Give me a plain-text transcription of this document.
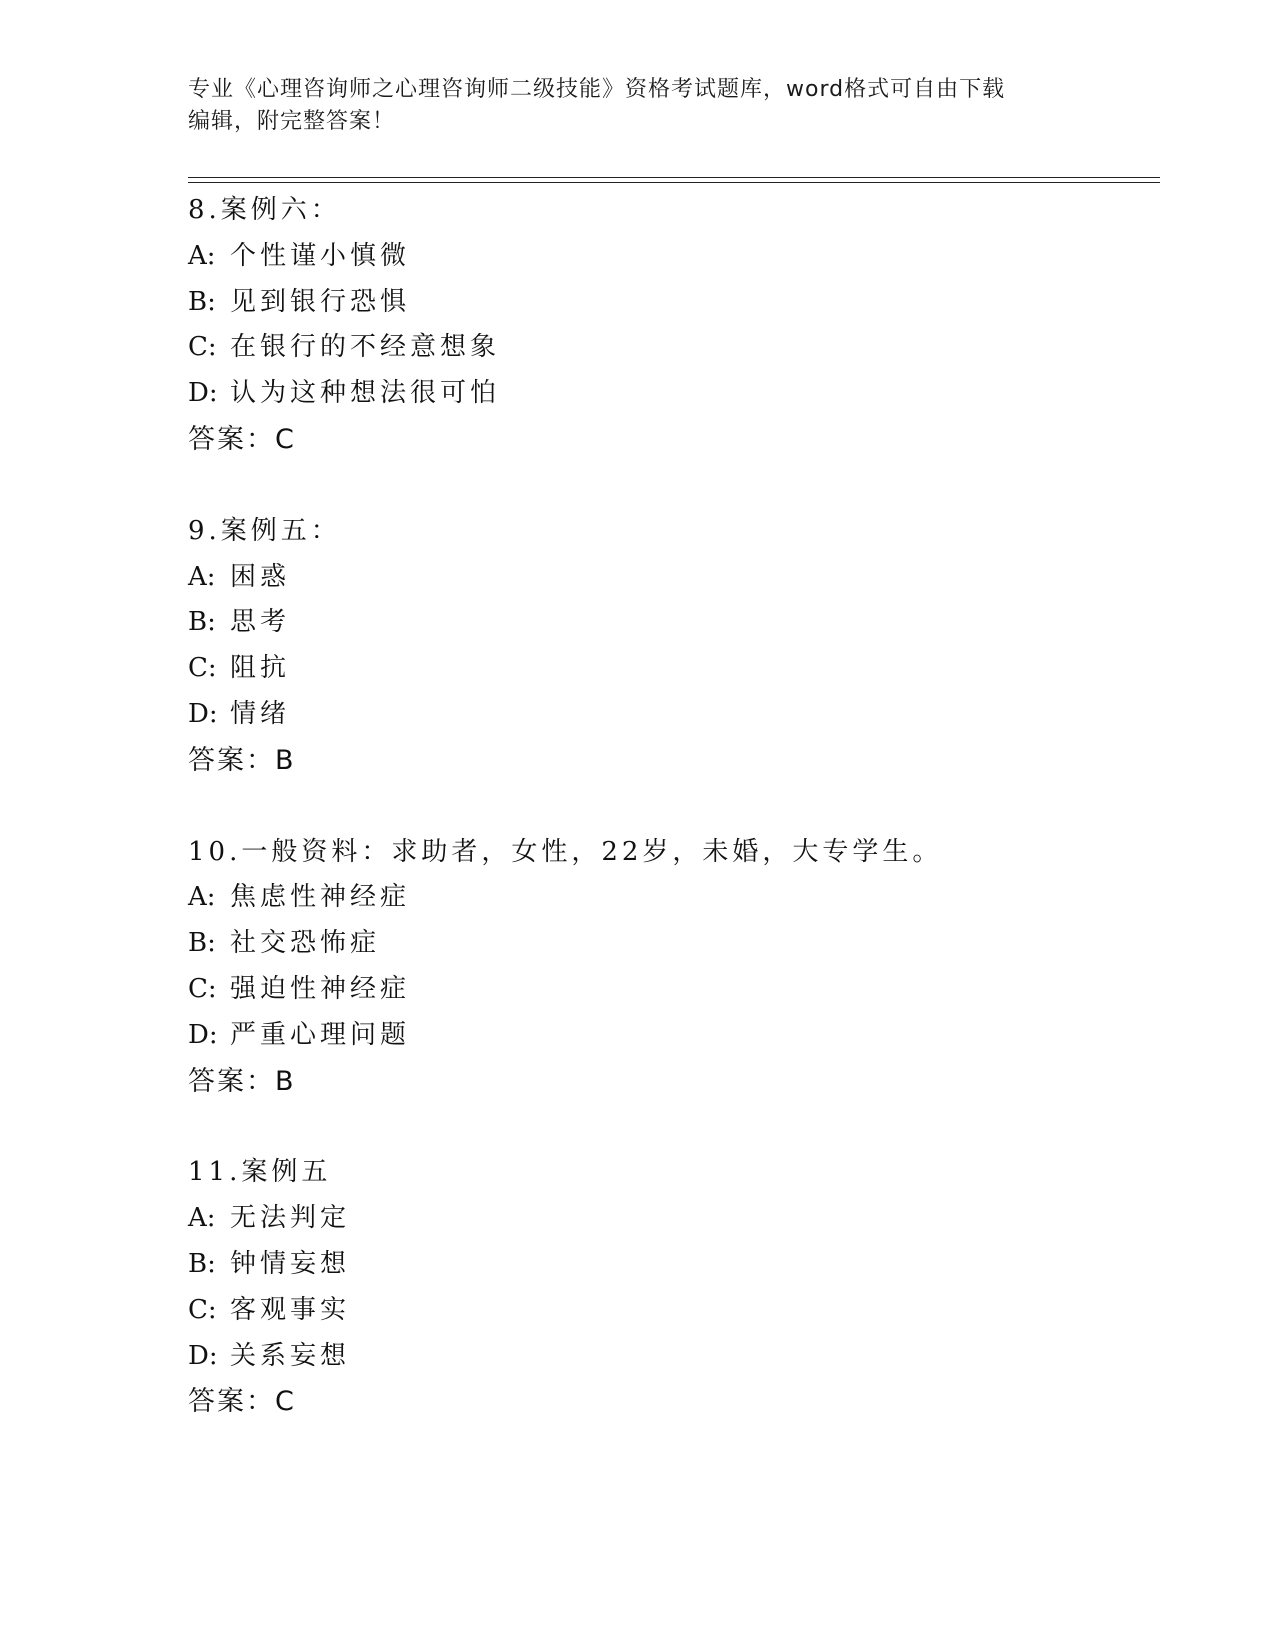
专业《心理咨询师之心理咨询师二级技能》资格考试题库，word格式可自由下载
编辑，附完整答案！
8.案例六：
A: 个性谨小慎微
B: 见到银行恐惧
C: 在银行的不经意想象
D: 认为这种想法很可怕
答案：C
9.案例五：
A: 困惑
B: 思考
C: 阻抗
D: 情绪
答案：B
10.一般资料：求助者，女性，22岁，未婚，大专学生。
A: 焦虑性神经症
B: 社交恐怖症
C: 强迫性神经症
D: 严重心理问题
答案：B
11.案例五
A: 无法判定
B: 钟情妄想
C: 客观事实
D: 关系妄想
答案：C
